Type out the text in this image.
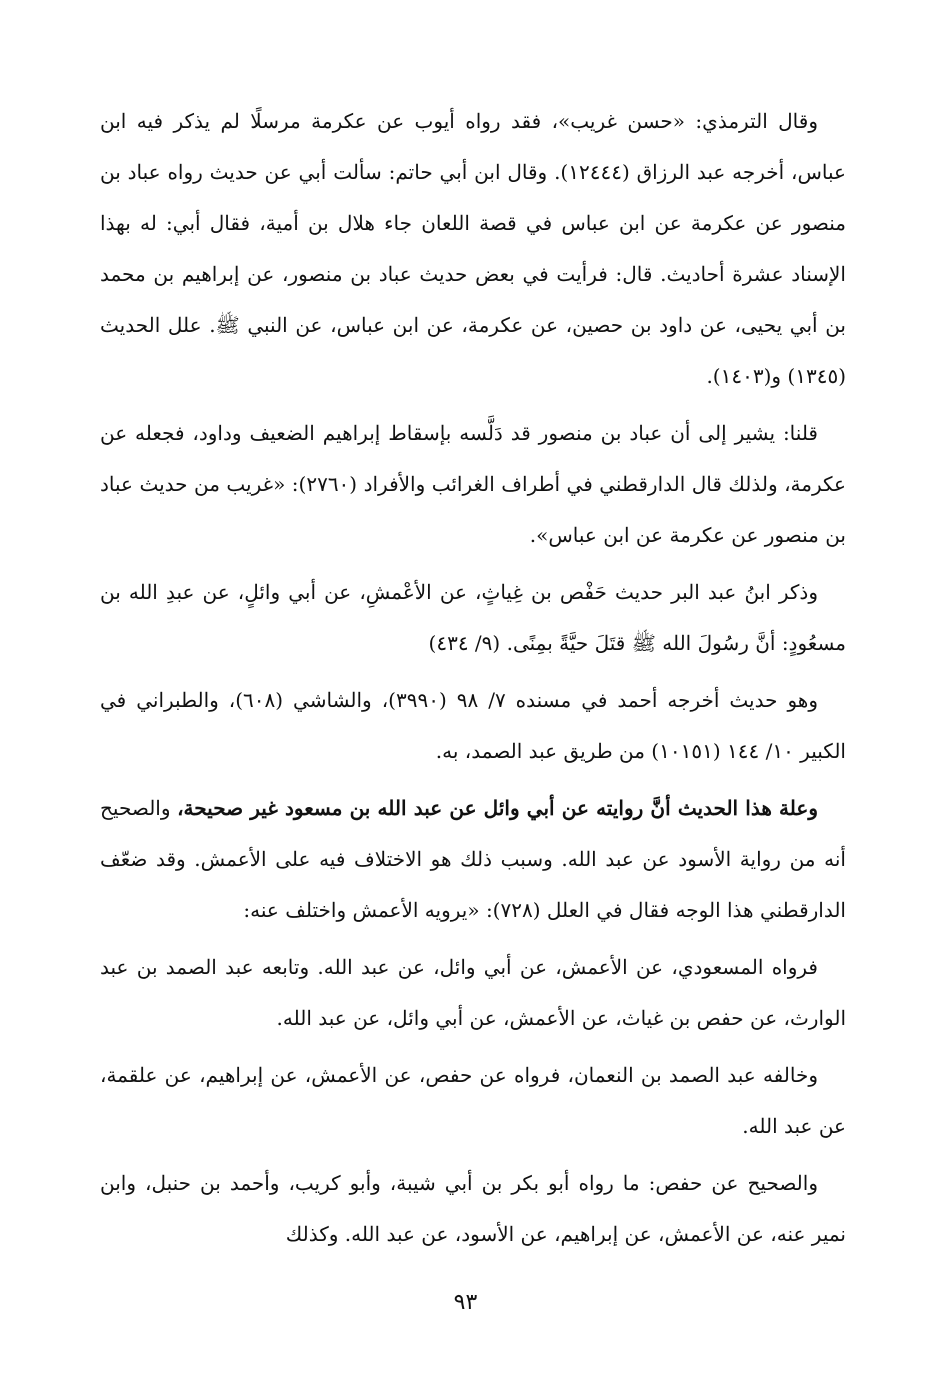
وقال الترمذي: «حسن غريب»، فقد رواه أيوب عن عكرمة مرسلًا لم يذكر فيه ابن عباس، أخرجه عبد الرزاق (١٢٤٤٤). وقال ابن أبي حاتم: سألت أبي عن حديث رواه عباد بن منصور عن عكرمة عن ابن عباس في قصة اللعان جاء هلال بن أمية، فقال أبي: له بهذا الإسناد عشرة أحاديث. قال: فرأيت في بعض حديث عباد بن منصور، عن إبراهيم بن محمد بن أبي يحيى، عن داود بن حصين، عن عكرمة، عن ابن عباس، عن النبي ﷺ. علل الحديث (١٣٤٥) و(١٤٠٣).

قلنا: يشير إلى أن عباد بن منصور قد دَلَّسه بإسقاط إبراهيم الضعيف وداود، فجعله عن عكرمة، ولذلك قال الدارقطني في أطراف الغرائب والأفراد (٢٧٦٠): «غريب من حديث عباد بن منصور عن عكرمة عن ابن عباس».

وذكر ابنُ عبد البر حديث حَفْص بن غِياثٍ، عن الأعْمشِ، عن أبي وائلٍ، عن عبدِ الله بن مسعُودٍ: أنَّ رسُولَ الله ﷺ قتَلَ حيَّةً بمِنًى. (٩/ ٤٣٤)

وهو حديث أخرجه أحمد في مسنده ٧/ ٩٨ (٣٩٩٠)، والشاشي (٦٠٨)، والطبراني في الكبير ١٠/ ١٤٤ (١٠١٥١) من طريق عبد الصمد، به.

وعلة هذا الحديث أنَّ روايته عن أبي وائل عن عبد الله بن مسعود غير صحيحة، والصحيح أنه من رواية الأسود عن عبد الله. وسبب ذلك هو الاختلاف فيه على الأعمش. وقد ضعّف الدارقطني هذا الوجه فقال في العلل (٧٢٨): «يرويه الأعمش واختلف عنه:

فرواه المسعودي، عن الأعمش، عن أبي وائل، عن عبد الله. وتابعه عبد الصمد بن عبد الوارث، عن حفص بن غياث، عن الأعمش، عن أبي وائل، عن عبد الله.

وخالفه عبد الصمد بن النعمان، فرواه عن حفص، عن الأعمش، عن إبراهيم، عن علقمة، عن عبد الله.

والصحيح عن حفص: ما رواه أبو بكر بن أبي شيبة، وأبو كريب، وأحمد بن حنبل، وابن نمير عنه، عن الأعمش، عن إبراهيم، عن الأسود، عن عبد الله. وكذلك

٩٣
